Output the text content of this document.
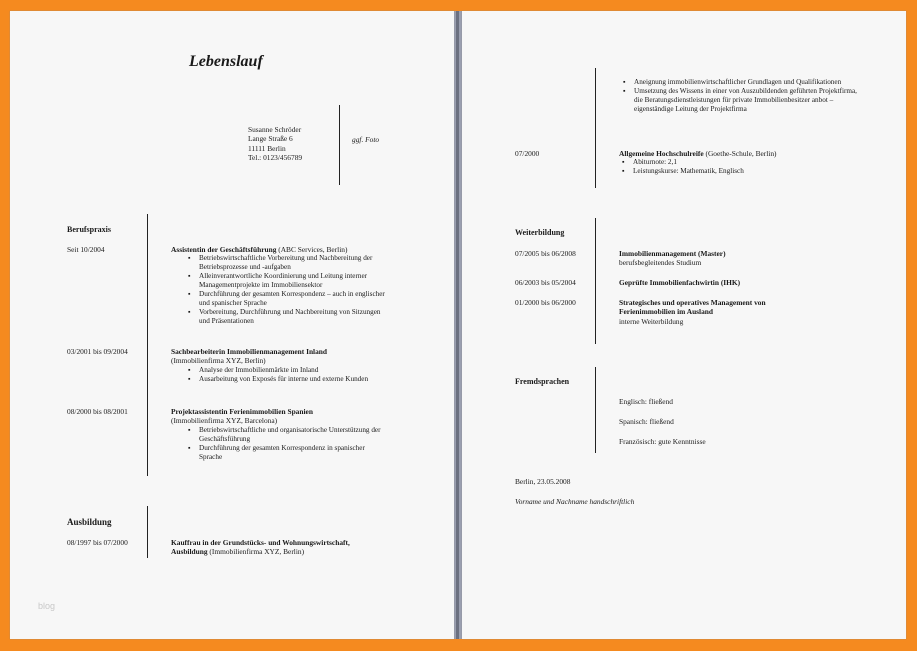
Lebenslauf
Susanne Schröder
Lange Straße 6
11111 Berlin
Tel.: 0123/456789
ggf. Foto
Berufspraxis
Seit 10/2004	Assistentin der Geschäftsführung (ABC Services, Berlin)
▪ Betriebswirtschaftliche Vorbereitung und Nachbereitung der Betriebsprozesse und -aufgaben
▪ Alleinverantwortliche Koordinierung und Leitung interner Managementprojekte im Immobiliensektor
▪ Durchführung der gesamten Korrespondenz – auch in englischer und spanischer Sprache
▪ Vorbereitung, Durchführung und Nachbereitung von Sitzungen und Präsentationen
03/2001 bis 09/2004	Sachbearbeiterin Immobilienmanagement Inland
(Immobilienfirma XYZ, Berlin)
▪ Analyse der Immobilienmärkte im Inland
▪ Ausarbeitung von Exposés für interne und externe Kunden
08/2000 bis 08/2001	Projektassistentin Ferienimmobilien Spanien
(Immobilienfirma XYZ, Barcelona)
▪ Betriebswirtschaftliche und organisatorische Unterstützung der Geschäftsführung
▪ Durchführung der gesamten Korrespondenz in spanischer Sprache
Ausbildung
08/1997 bis 07/2000	Kauffrau in der Grundstücks- und Wohnungswirtschaft,
Ausbildung (Immobilienfirma XYZ, Berlin)
blog
▪ Aneignung immobilienwirtschaftlicher Grundlagen und Qualifikationen
▪ Umsetzung des Wissens in einer von Auszubildenden geführten Projektfirma, die Beratungsdienstleistungen für private Immobilienbesitzer anbot – eigenständige Leitung der Projektfirma
07/2000	Allgemeine Hochschulreife (Goethe-Schule, Berlin)
▪ Abiturnote: 2,1
▪ Leistungskurse: Mathematik, Englisch
Weiterbildung
07/2005 bis 06/2008	Immobilienmanagement (Master)
berufsbegleitendes Studium
06/2003 bis 05/2004	Geprüfte Immobilienfachwirtin (IHK)
01/2000 bis 06/2000	Strategisches und operatives Management von Ferienimmobilien im Ausland
interne Weiterbildung
Fremdsprachen
Englisch: fließend
Spanisch: fließend
Französisch: gute Kenntnisse
Berlin, 23.05.2008
Vorname und Nachname handschriftlich
